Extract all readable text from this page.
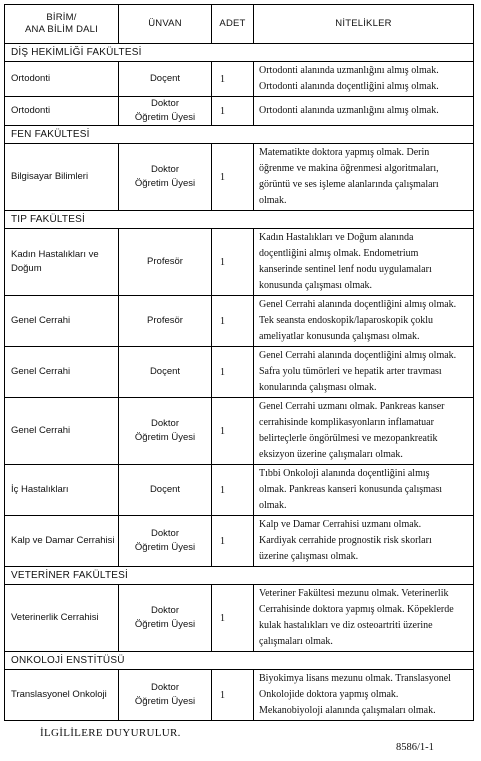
BİRİM/
ANA BİLİM DALI	ÜNVAN	ADET	NİTELİKLER
DİŞ HEKİMLİĞİ FAKÜLTESİ			
Ortodonti	Doçent	1	Ortodonti alanında uzmanlığını almış olmak.
Ortodonti alanında doçentliğini almış olmak.

Ortodonti	Doktor Öğretim Üyesi	1	Ortodonti alanında uzmanlığını almış olmak.

FEN FAKÜLTESİ			
Bilgisayar Bilimleri	Doktor Öğretim Üyesi	1	Matematikte doktora yapmış olmak. Derin
öğrenme ve makina öğrenmesi algoritmaları,
görüntü ve ses işleme alanlarında çalışmaları
olmak.

TIP FAKÜLTESİ			
Kadın Hastalıkları ve Doğum	Profesör	1	Kadın Hastalıkları ve Doğum alanında
doçentliğini almış olmak. Endometrium
kanserinde sentinel lenf nodu uygulamaları
konusunda çalışması olmak.

Genel Cerrahi	Profesör	1	Genel Cerrahi alanında doçentliğini almış olmak.
Tek seansta endoskopik/laparoskopik çoklu
ameliyatlar konusunda çalışması olmak.

Genel Cerrahi	Doçent	1	Genel Cerrahi alanında doçentliğini almış olmak.
Safra yolu tümörleri ve hepatik arter travması
konularında çalışması olmak.

Genel Cerrahi	Doktor Öğretim Üyesi	1	Genel Cerrahi uzmanı olmak. Pankreas kanser
cerrahisinde komplikasyonların inflamatuar
belirteçlerle öngörülmesi ve mezopankreatik
eksizyon üzerine çalışmaları olmak.

İç Hastalıkları	Doçent	1	Tıbbi Onkoloji alanında doçentliğini almış
olmak. Pankreas kanseri konusunda çalışması
olmak.

Kalp ve Damar Cerrahisi	Doktor Öğretim Üyesi	1	Kalp ve Damar Cerrahisi uzmanı olmak.
Kardiyak cerrahide prognostik risk skorları
üzerine çalışması olmak.

VETERİNER FAKÜLTESİ			
Veterinerlik Cerrahisi	Doktor Öğretim Üyesi	1	Veteriner Fakültesi mezunu olmak. Veterinerlik
Cerrahisinde doktora yapmış olmak. Köpeklerde
kulak hastalıkları ve diz osteoartriti üzerine
çalışmaları olmak.

ONKOLOJİ ENSTİTÜSÜ			
Translasyonel Onkoloji	Doktor Öğretim Üyesi	1	Biyokimya lisans mezunu olmak. Translasyonel
Onkolojide doktora yapmış olmak.
Mekanobiyoloji alanında çalışmaları olmak.
İLGİLİLERE DUYURULUR.
8586/1-1
